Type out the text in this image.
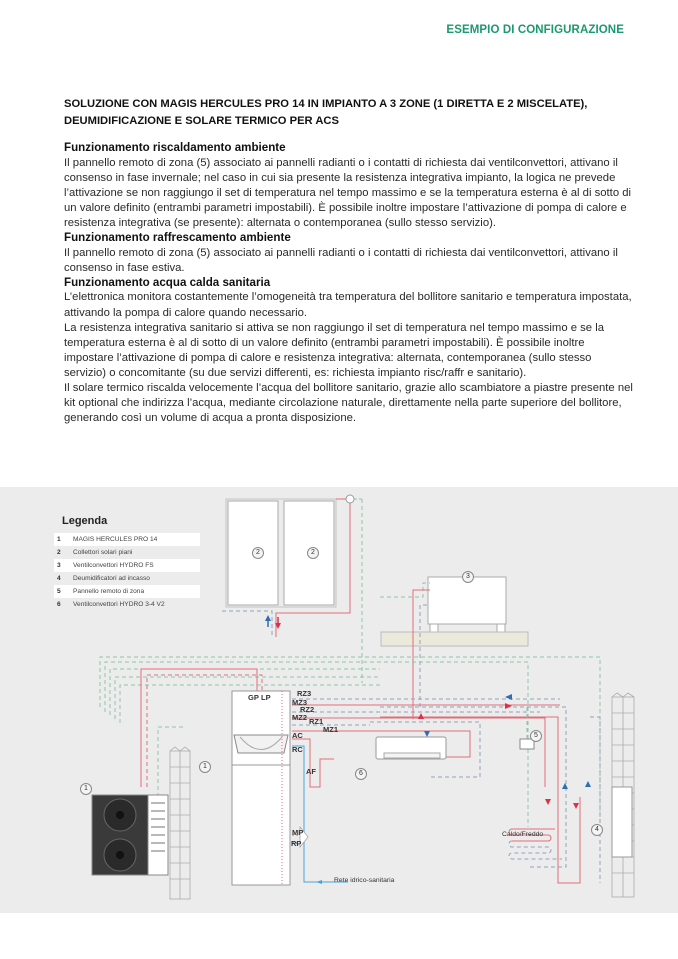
ESEMPIO DI CONFIGURAZIONE
SOLUZIONE CON MAGIS HERCULES PRO 14 IN IMPIANTO A 3 ZONE (1 DIRETTA E 2 MISCELATE),
DEUMIDIFICAZIONE E SOLARE TERMICO PER ACS
Funzionamento riscaldamento ambiente

Il pannello remoto di zona (5) associato ai pannelli radianti o i contatti di richiesta dai ventilconvettori, attivano il consenso in fase invernale; nel caso in cui sia presente la resistenza integrativa impianto, la logica ne prevede l’attivazione se non raggiungo il set di temperatura nel tempo massimo e se la temperatura esterna è al di sotto di un valore definito (entrambi parametri impostabili). È possibile inoltre impostare l’attivazione di pompa di calore e resistenza integrativa (se presente): alternata o contemporanea (sullo stesso servizio).

Funzionamento raffrescamento ambiente

Il pannello remoto di zona (5) associato ai pannelli radianti o i contatti di richiesta dai ventilconvettori, attivano il consenso in fase estiva.

Funzionamento acqua calda sanitaria

L’elettronica monitora costantemente l’omogeneità tra temperatura del bollitore sanitario e temperatura impostata, attivando la pompa di calore quando necessario.

La resistenza integrativa sanitario si attiva se non raggiungo il set di temperatura nel tempo massimo e se la temperatura esterna è al di sotto di un valore definito (entrambi parametri impostabili). È possibile inoltre impostare l’attivazione di pompa di calore e resistenza integrativa: alternata, contemporanea (sullo stesso servizio) o concomitante (su due servizi differenti, es: richiesta impianto risc/raffr e sanitario).

Il solare termico riscalda velocemente l’acqua del bollitore sanitario, grazie allo scambiatore a piastre presente nel kit optional che indirizza l’acqua, mediante circolazione naturale, direttamente nella parte superiore del bollitore, generando così un volume di acqua a pronta disposizione.

Legenda
1	MAGIS HERCULES PRO 14
2	Collettori solari piani
3	Ventilconvettori HYDRO FS
4	Deumidificatori ad incasso
5	Pannello remoto di zona
6	Ventilconvettori HYDRO 3-4 V2
2	2
3
1
1
6
5
4
GP LP	RZ3
MZ3
RZ2
MZ2 RZ1
MZ1
AC
RC
AF
MP
RP
Caldo/Freddo
Rete idrico-sanitaria
